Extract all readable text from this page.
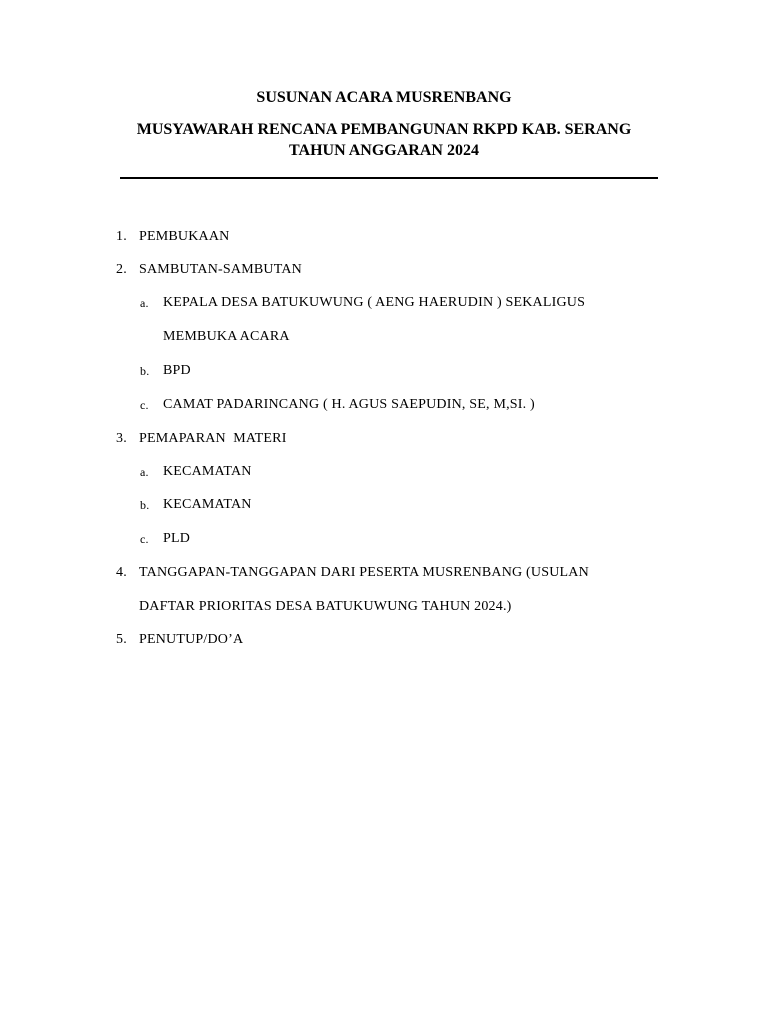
SUSUNAN ACARA MUSRENBANG
MUSYAWARAH RENCANA PEMBANGUNAN RKPD KAB. SERANG
TAHUN ANGGARAN 2024
1. PEMBUKAAN
2. SAMBUTAN-SAMBUTAN
a.	KEPALA DESA BATUKUWUNG ( AENG HAERUDIN ) SEKALIGUS
MEMBUKA ACARA
b. BPD
c.	CAMAT PADARINCANG ( H. AGUS SAEPUDIN, SE, M,SI. )
3. PEMAPARAN  MATERI
a.	KECAMATAN
b. KECAMATAN
c.	PLD
4. TANGGAPAN-TANGGAPAN DARI PESERTA MUSRENBANG (USULAN
DAFTAR PRIORITAS DESA BATUKUWUNG TAHUN 2024.)
5. PENUTUP/DO’A
